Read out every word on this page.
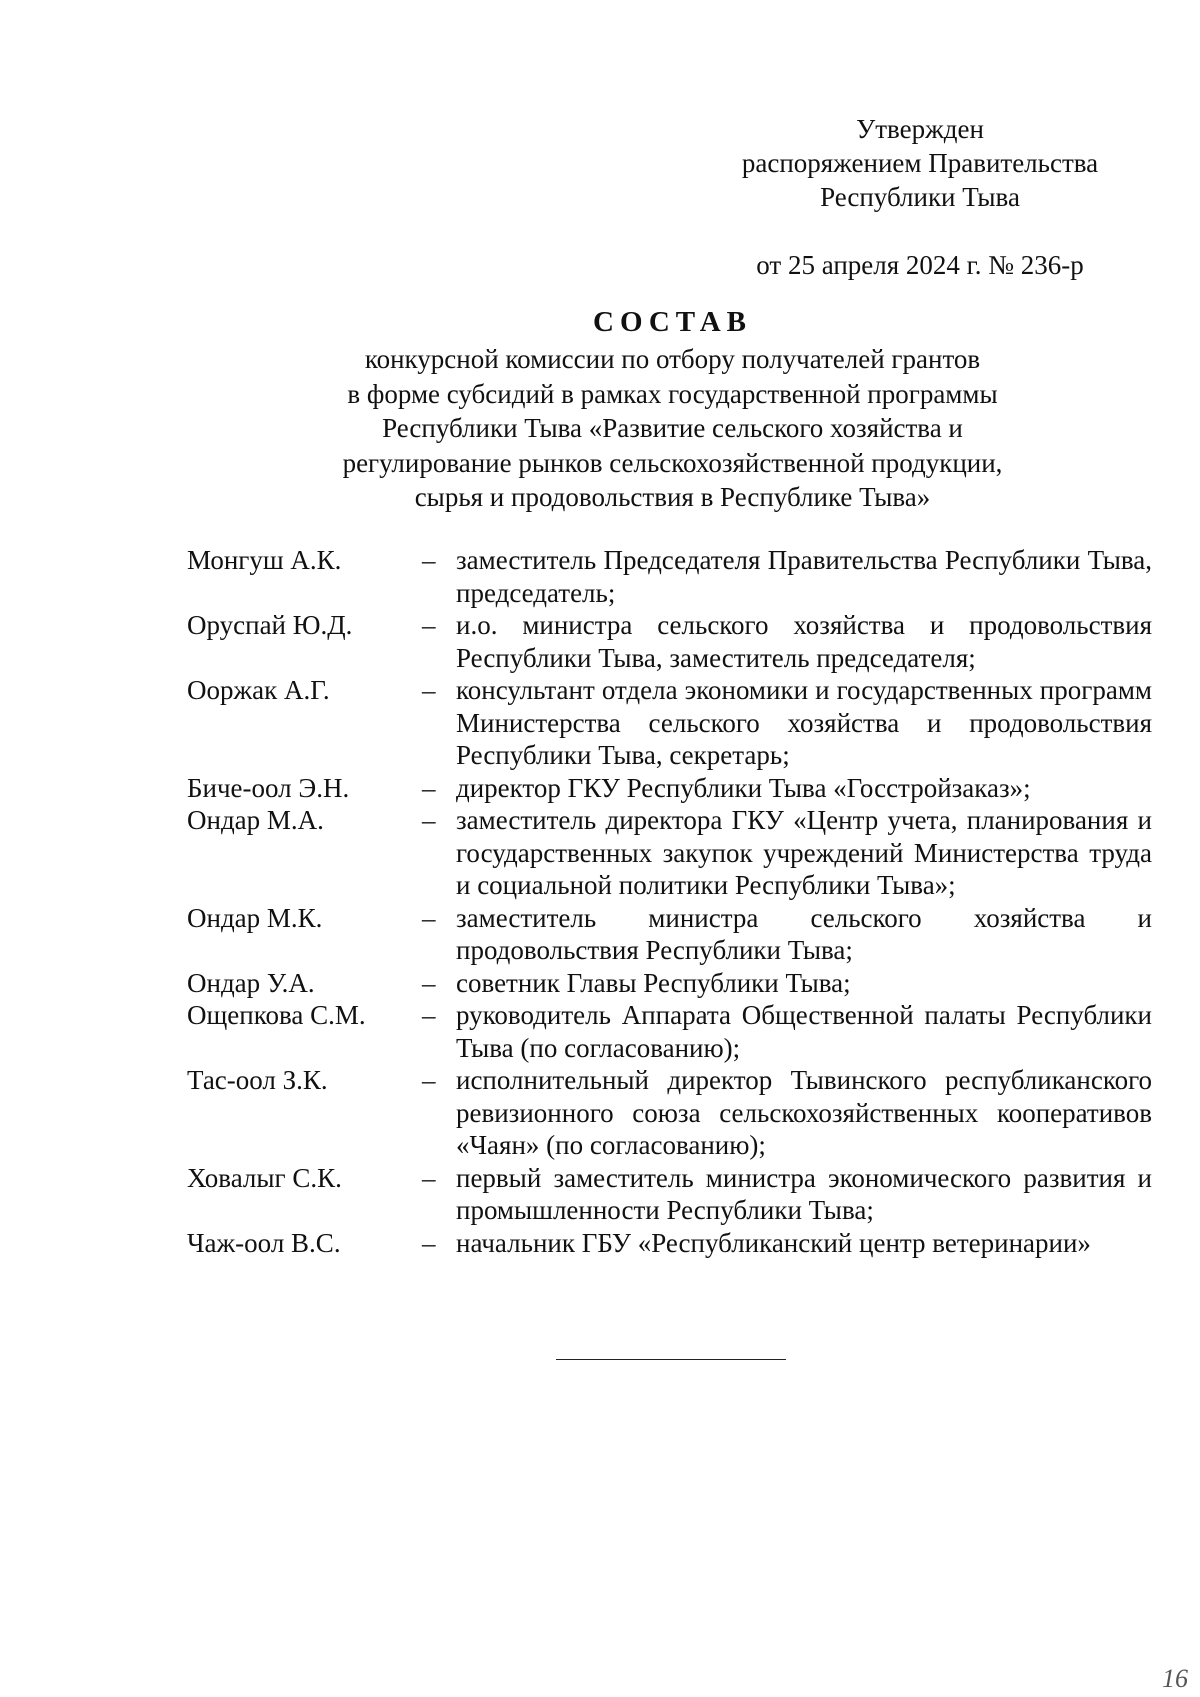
Утвержден
распоряжением Правительства
Республики Тыва
от 25 апреля 2024 г. № 236-р
СОСТАВ
конкурсной комиссии по отбору получателей грантов
в форме субсидий в рамках государственной программы
Республики Тыва «Развитие сельского хозяйства и
регулирование рынков сельскохозяйственной продукции,
сырья и продовольствия в Республике Тыва»
Монгуш А.К.	– заместитель Председателя Правительства Республики Тыва, председатель;
Оруспай Ю.Д.	– и.о. министра сельского хозяйства и продовольствия Республики Тыва, заместитель председателя;
Ооржак А.Г.	– консультант отдела экономики и государственных программ Министерства сельского хозяйства и продовольствия Республики Тыва, секретарь;
Биче-оол Э.Н.	– директор ГКУ Республики Тыва «Госстройзаказ»;
Ондар М.А.	– заместитель директора ГКУ «Центр учета, планирования и государственных закупок учреждений Министерства труда и социальной политики Республики Тыва»;
Ондар М.К.	– заместитель министра сельского хозяйства и продовольствия Республики Тыва;
Ондар У.А.	– советник Главы Республики Тыва;
Ощепкова С.М.	– руководитель Аппарата Общественной палаты Республики Тыва (по согласованию);
Тас-оол З.К.	– исполнительный директор Тывинского республиканского ревизионного союза сельскохозяйственных кооперативов «Чаян» (по согласованию);
Ховалыг С.К.	– первый заместитель министра экономического развития и промышленности Республики Тыва;
Чаж-оол В.С.	– начальник ГБУ «Республиканский центр ветеринарии»
16
